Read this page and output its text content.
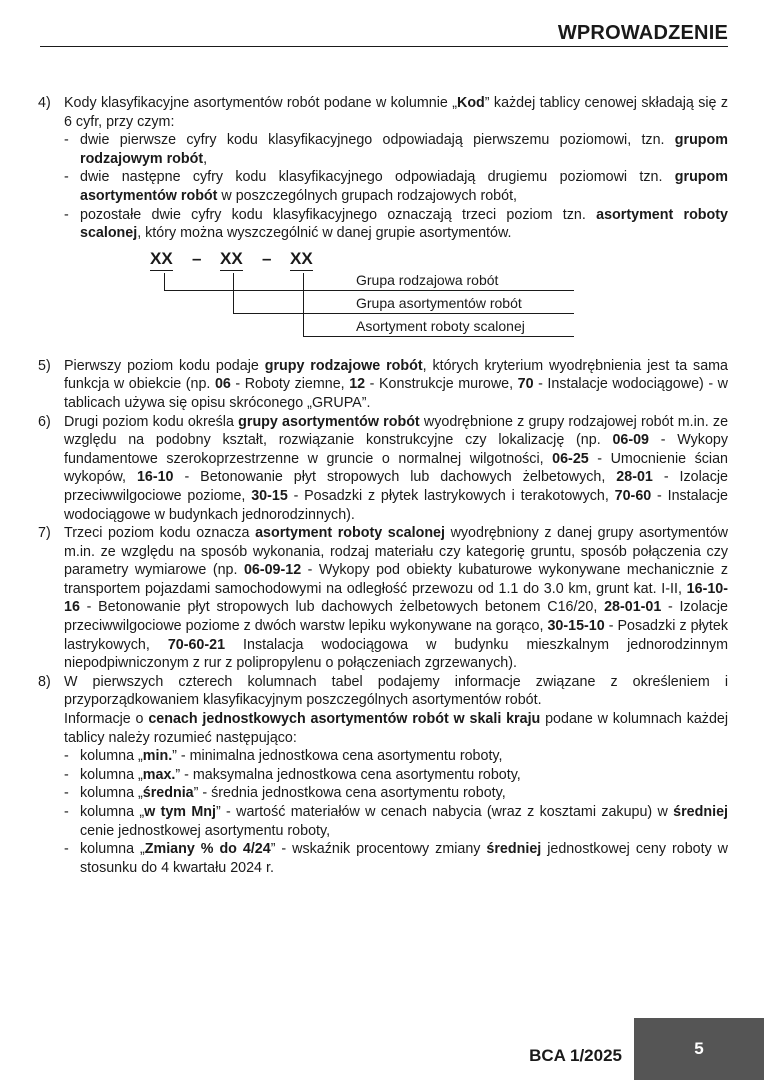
WPROWADZENIE
4) Kody klasyfikacyjne asortymentów robót podane w kolumnie „Kod” każdej tablicy cenowej składają się z 6 cyfr, przy czym:
- dwie pierwsze cyfry kodu klasyfikacyjnego odpowiadają pierwszemu poziomowi, tzn. grupom rodzajowym robót,
- dwie następne cyfry kodu klasyfikacyjnego odpowiadają drugiemu poziomowi tzn. grupom asortymentów robót w poszczególnych grupach rodzajowych robót,
- pozostałe dwie cyfry kodu klasyfikacyjnego oznaczają trzeci poziom tzn. asortyment roboty scalonej, który można wyszczególnić w danej grupie asortymentów.
XX – XX – XX
Grupa rodzajowa robót
Grupa asortymentów robót
Asortyment roboty scalonej
5) Pierwszy poziom kodu podaje grupy rodzajowe robót, których kryterium wyodrębnienia jest ta sama funkcja w obiekcie (np. 06 - Roboty ziemne, 12 - Konstrukcje murowe, 70 - Instalacje wodociągowe) - w tablicach używa się opisu skróconego „GRUPA”.
6) Drugi poziom kodu określa grupy asortymentów robót wyodrębnione z grupy rodzajowej robót m.in. ze względu na podobny kształt, rozwiązanie konstrukcyjne czy lokalizację (np. 06-09 - Wykopy fundamentowe szerokoprzestrzenne w gruncie o normalnej wilgotności, 06-25 - Umocnienie ścian wykopów, 16-10 - Betonowanie płyt stropowych lub dachowych żelbetowych, 28-01 - Izolacje przeciwwilgociowe poziome, 30-15 - Posadzki z płytek lastrykowych i terakotowych, 70-60 - Instalacje wodociągowe w budynkach jednorodzinnych).
7) Trzeci poziom kodu oznacza asortyment roboty scalonej wyodrębniony z danej grupy asortymentów m.in. ze względu na sposób wykonania, rodzaj materiału czy kategorię gruntu, sposób połączenia czy parametry wymiarowe (np. 06-09-12 - Wykopy pod obiekty kubaturowe wykonywane mechanicznie z transportem pojazdami samochodowymi na odległość przewozu od 1.1 do 3.0 km, grunt kat. I-II, 16-10-16 - Betonowanie płyt stropowych lub dachowych żelbetowych betonem C16/20, 28-01-01 - Izolacje przeciwwilgociowe poziome z dwóch warstw lepiku wykonywane na gorąco, 30-15-10 - Posadzki z płytek lastrykowych, 70-60-21 Instalacja wodociągowa w budynku mieszkalnym jednorodzinnym niepodpiwniczonym z rur z polipropylenu o połączeniach zgrzewanych).
8) W pierwszych czterech kolumnach tabel podajemy informacje związane z określeniem i przyporządkowaniem klasyfikacyjnym poszczególnych asortymentów robót.
Informacje o cenach jednostkowych asortymentów robót w skali kraju podane w kolumnach każdej tablicy należy rozumieć następująco:
- kolumna „min.” - minimalna jednostkowa cena asortymentu roboty,
- kolumna „max.” - maksymalna jednostkowa cena asortymentu roboty,
- kolumna „średnia” - średnia jednostkowa cena asortymentu roboty,
- kolumna „w tym Mnj” - wartość materiałów w cenach nabycia (wraz z kosztami zakupu) w średniej cenie jednostkowej asortymentu roboty,
- kolumna „Zmiany % do 4/24” - wskaźnik procentowy zmiany średniej jednostkowej ceny roboty w stosunku do 4 kwartału 2024 r.
BCA 1/2025	5
